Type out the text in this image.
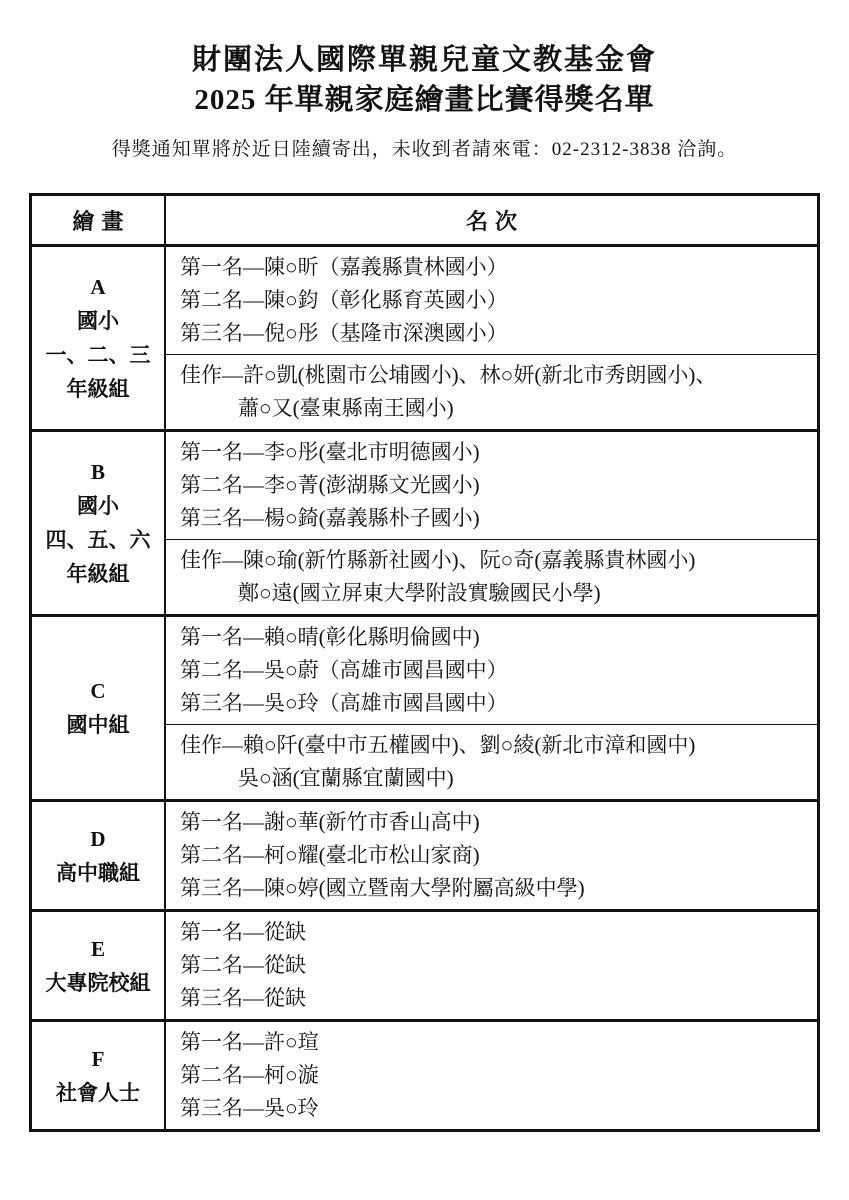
財團法人國際單親兒童文教基金會
2025 年單親家庭繪畫比賽得獎名單

得獎通知單將於近日陸續寄出，未收到者請來電：02-2312-3838 洽詢。

繪畫	名次
A
國小
一、二、三
年級組
第一名—陳○昕（嘉義縣貴林國小）
第二名—陳○鈞（彰化縣育英國小）
第三名—倪○彤（基隆市深澳國小）
佳作—許○凱(桃園市公埔國小)、林○妍(新北市秀朗國小)、
蕭○又(臺東縣南王國小)
B
國小
四、五、六
年級組
第一名—李○彤(臺北市明德國小)
第二名—李○菁(澎湖縣文光國小)
第三名—楊○錡(嘉義縣朴子國小)
佳作—陳○瑜(新竹縣新社國小)、阮○奇(嘉義縣貴林國小)
鄭○遠(國立屏東大學附設實驗國民小學)
C
國中組
第一名—賴○晴(彰化縣明倫國中)
第二名—吳○蔚（高雄市國昌國中）
第三名—吳○玲（高雄市國昌國中）
佳作—賴○阡(臺中市五權國中)、劉○綾(新北市漳和國中)
吳○涵(宜蘭縣宜蘭國中)
D
高中職組
第一名—謝○華(新竹市香山高中)
第二名—柯○耀(臺北市松山家商)
第三名—陳○婷(國立暨南大學附屬高級中學)
E
大專院校組
第一名—從缺
第二名—從缺
第三名—從缺
F
社會人士
第一名—許○瑄
第二名—柯○漩
第三名—吳○玲
